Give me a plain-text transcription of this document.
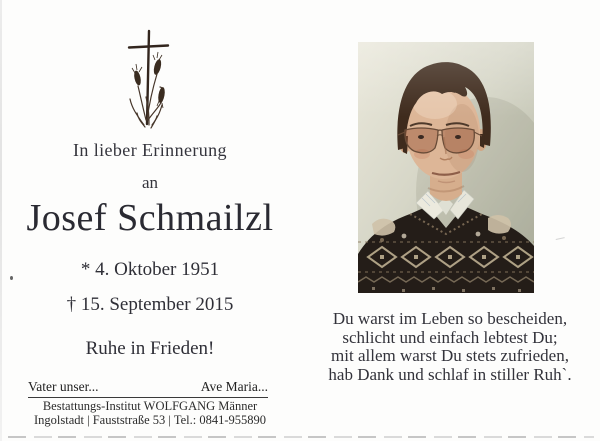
In lieber Erinnerung
an
Josef Schmailzl
* 4. Oktober 1951
† 15. September 2015
Ruhe in Frieden!
Vater unser...	Ave Maria...
Bestattungs-Institut WOLFGANG Männer
Ingolstadt | Fauststraße 53 | Tel.: 0841-955890
Du warst im Leben so bescheiden,
schlicht und einfach lebtest Du;
mit allem warst Du stets zufrieden,
hab Dank und schlaf in stiller Ruh`.
